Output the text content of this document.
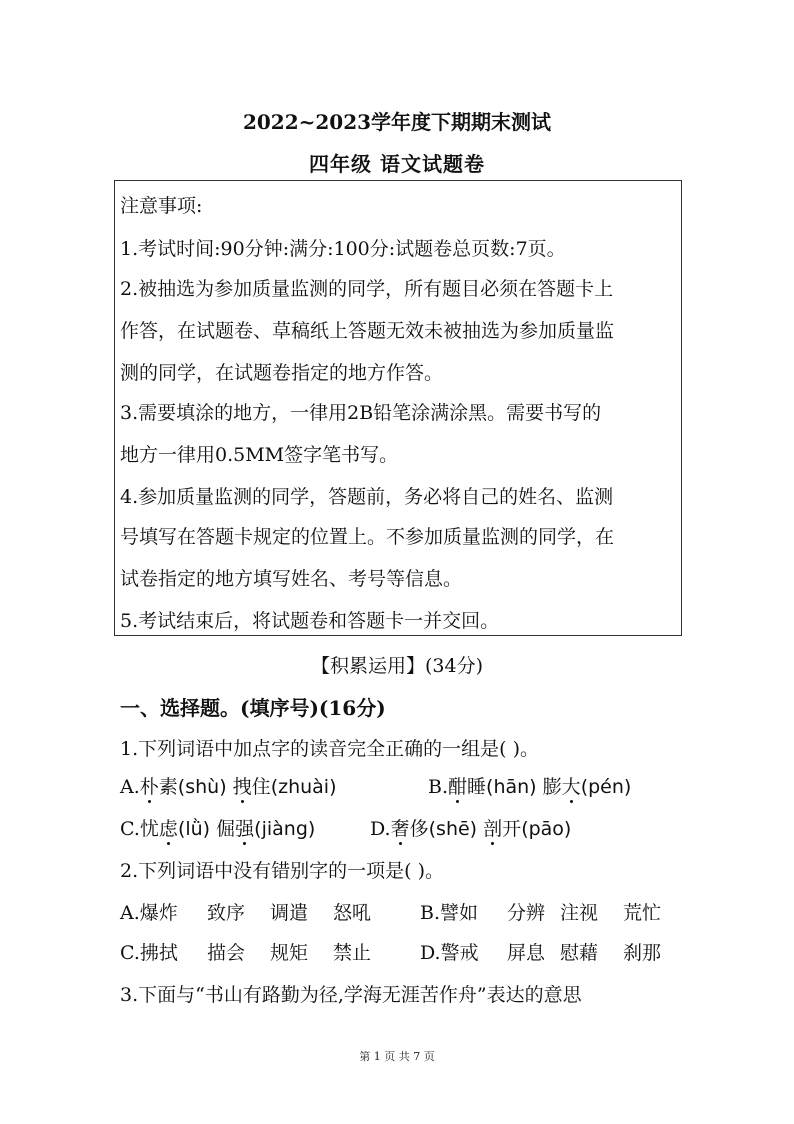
2022~2023学年度下期期末测试
四年级 语文试题卷
注意事项:
1.考试时间:90分钟:满分:100分:试题卷总页数:7页。
2.被抽选为参加质量监测的同学，所有题目必须在答题卡上
作答，在试题卷、草稿纸上答题无效未被抽选为参加质量监
测的同学，在试题卷指定的地方作答。
3.需要填涂的地方，一律用2B铅笔涂满涂黑。需要书写的
地方一律用0.5MM签字笔书写。
4.参加质量监测的同学，答题前，务必将自己的姓名、监测
号填写在答题卡规定的位置上。不参加质量监测的同学，在
试卷指定的地方填写姓名、考号等信息。
5.考试结束后，将试题卷和答题卡一并交回。
【积累运用】(34分)
一、选择题。(填序号)(16分)
1.下列词语中加点字的读音完全正确的一组是( )。
A.朴素(shù) 拽住(zhuài)	B.酣睡(hān) 膨大(pén)
C.忧虑(lǜ) 倔强(jiàng)	D.奢侈(shē) 剖开(pāo)
2.下列词语中没有错别字的一项是( )。
A.爆炸 致序 调遣 怒吼	B.譬如 分辨 注视 荒忙
C.拂拭 描会 规矩 禁止	D.警戒 屏息 慰藉 刹那
3.下面与“书山有路勤为径,学海无涯苦作舟”表达的意思
第 1 页 共 7 页
